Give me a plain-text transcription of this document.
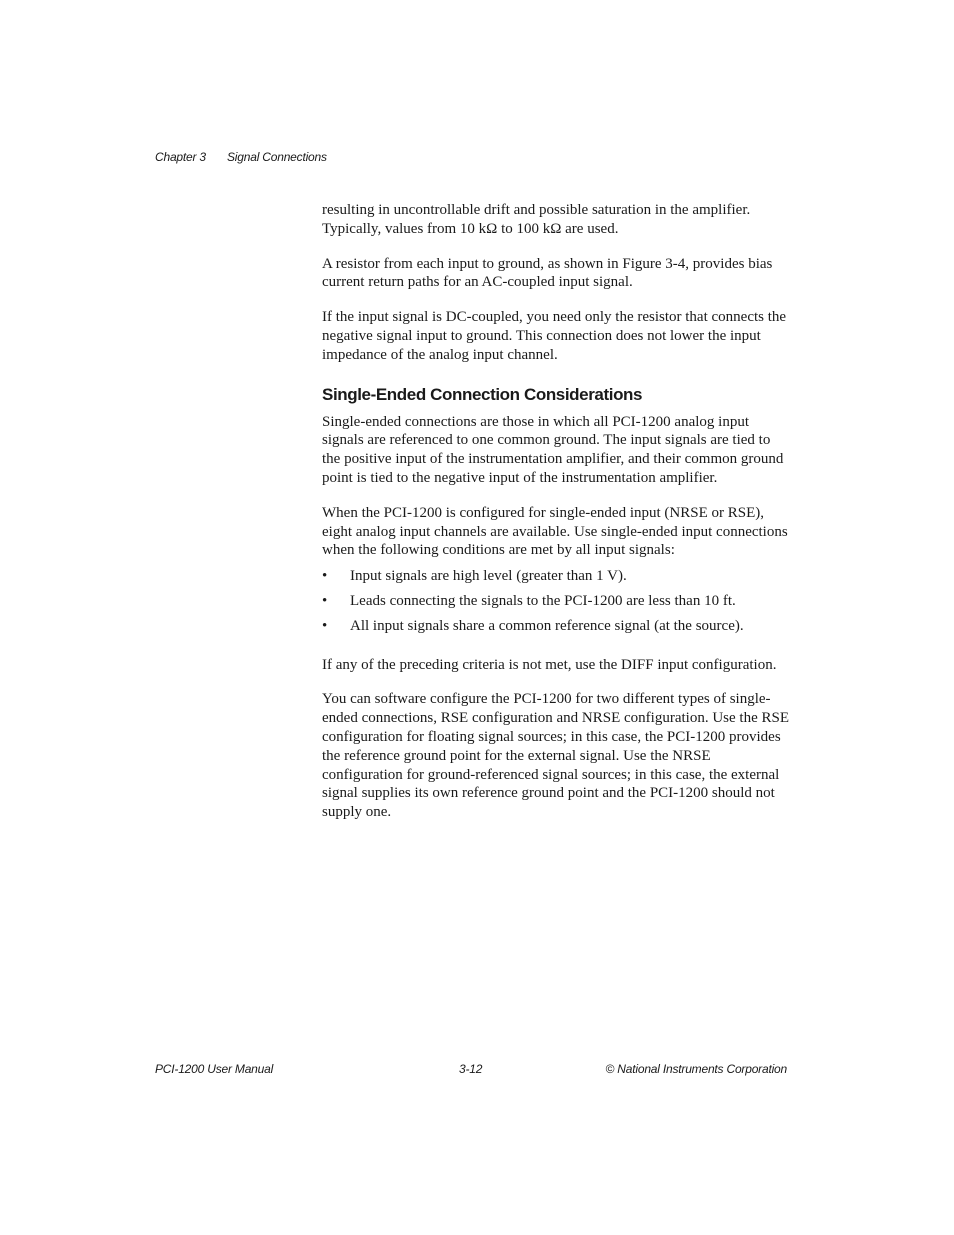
Chapter 3 Signal Connections

resulting in uncontrollable drift and possible saturation in the amplifier. Typically, values from 10 kΩ to 100 kΩ are used.

A resistor from each input to ground, as shown in Figure 3-4, provides bias current return paths for an AC-coupled input signal.

If the input signal is DC-coupled, you need only the resistor that connects the negative signal input to ground. This connection does not lower the input impedance of the analog input channel.

Single-Ended Connection Considerations

Single-ended connections are those in which all PCI-1200 analog input signals are referenced to one common ground. The input signals are tied to the positive input of the instrumentation amplifier, and their common ground point is tied to the negative input of the instrumentation amplifier.

When the PCI-1200 is configured for single-ended input (NRSE or RSE), eight analog input channels are available. Use single-ended input connections when the following conditions are met by all input signals:

• Input signals are high level (greater than 1 V).
• Leads connecting the signals to the PCI-1200 are less than 10 ft.
• All input signals share a common reference signal (at the source).

If any of the preceding criteria is not met, use the DIFF input configuration.

You can software configure the PCI-1200 for two different types of single-ended connections, RSE configuration and NRSE configuration. Use the RSE configuration for floating signal sources; in this case, the PCI-1200 provides the reference ground point for the external signal. Use the NRSE configuration for ground-referenced signal sources; in this case, the external signal supplies its own reference ground point and the PCI-1200 should not supply one.

PCI-1200 User Manual	3-12	© National Instruments Corporation
